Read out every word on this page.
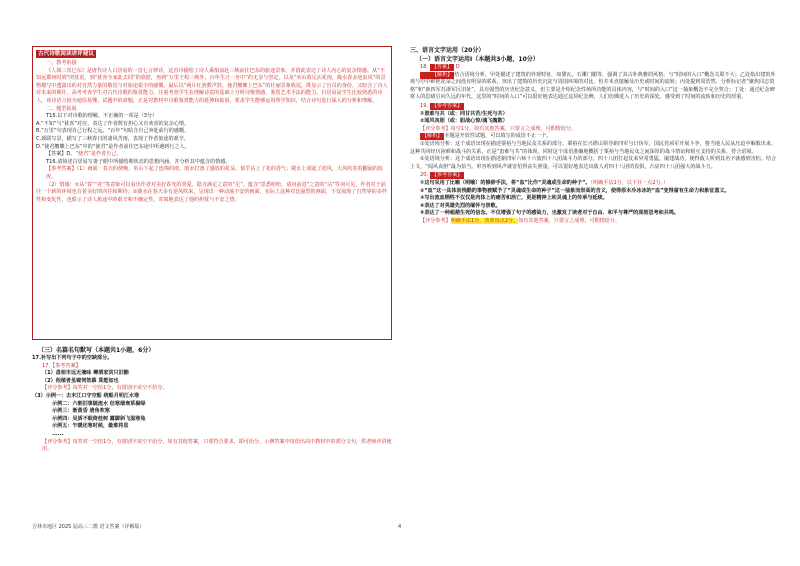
古代诗歌阅读讲评建议

一、教考衔接

《人域三次巳东》是唐代诗人白居易的一首七言律诗，这首诗描绘了诗人乘船前赴三峡前往巴东的旅途景象，并借此表达了诗人内心的复杂情感。从“不知远郡何时到”的忧虑，到“犹喜全家此去同”的欣慰，再到“万里王程三峡外，百年生计一舟中”的无奈与坚定，以及“巫山暮足沾花雨，陇水春多逆浪风”的景物描写中透露出的对自然力量的敬畏与对旅途艰辛的感慨。最后以“两片红旌数声鼓，使君艛艓上巴东”的壮丽景象收尾，既显示了官员的身份，又暗含了诗人对未来的期许。高考考查学生对古代诗歌的鉴赏能力，注重考查学生在理解诗意的基础上分析诗歌情感、鉴赏艺术手法的能力。白居易是学生比较熟悉的诗人，该诗语言较为通俗易懂，试题中的命题，正是对教材中诗歌鉴赏能力的延伸和拓展，要求学生能够运用所学知识，结合诗句进行深入的分析和理解。

二、题型拓展

T15.以下对诗歌的理解，不正确的一项是（3分）

A.“不知”与“犹喜”对应，表达了作者既有担心又有欢喜的复杂心情。

B.“万里”句表现自己行程之远，“百年”句暗含自己奔赴前行的感慨。

C.颈联写景，描写了三峡春日的凄风苦雨，表现了作者旅途的艰辛。

D.“使君艛艓上巴东”中的“使君”是作者前往巴东途中所遇到行之人。

【答案】D。“使君”是作者自己。

T16.请简述白居易写妻子眼中所描绘期状态的思想内涵，并分析其中蕴含的情感。

【参考答案】（1）画面：春天的傍晚，巫山下起了连绵的雨，雨水打落了盛放的花朵，似乎沾上了花的香气；陇水上刮起了逆风，大风吹卷着翻涌的浪涛。

（2）情感：①从“春”“花”等意象可以看出作者对美好春光的喜爱，隐含满足之意的“足”，蕴含“思悉哈哈，请问前进”之意的“沾”等词可见，作者对于前往一个新的环境也有着美好的向往和期待；②陇水在春天多有逆风吹来，呈现出一种动荡不安的画面，实际上这种对比强烈的画面，不仅展现了自然界的多样性和变化性，也暗示了诗人旅途中的艰辛和不确定性，寄寓地表达了他的担忧与不安之情。

（三）名篇名句默写（本题共1小题，6分）

17.补写出下列句子中的空缺部分。

17.【参考答案】

（1）盘桓市远无兼味 樽酒家贫只旧醅

（2）他植者虽窥伺效慕 莫能如也

【评分参考】每答对一空给1分，有错别字该空不给分。

（3）示例一：去未江口守空船 绕船月明江水寒

示例二：六朝旧事随流水 但寒烟衰草凝绿

示例三：渐黄昏 清角吹寒

示例四：吴质不眠倚桂树 露脚斜飞湿寒兔

示例五：乍暖还寒时候，最难将息

......

【评分参考】每答对一空给1分，有错别字该空不给分。如有其他答案，只要符合要求，即可给分，示例答案中仅给出高中教材中的部分文句，供老师评讲使用。

三、语言文字运用（20分）

（一）语言文字运用Ⅰ（本题共3小题，10分）

18. 【答案】 D

【解析】 结合语境分析，甲处描述了建筑的外观特征，如黛瓦、石雕门楣等，强调了其古朴典雅的风格，与“时间的入口”概念关联不大；乙处指出建筑外观与空中鲜艳花朵之间没有明显的联系，突出了建筑的历史沉淀与周围环境的对比，但并未直接触及历史或时间的流转；丙处提到周浩然，分析标记者“聚焦同志资格”和“新四军苏浙军区旧址”，具有强烈的历史纪念意义，但主要是介绍纪念性场所功能的具体内容，与“时间的入口”这一抽象概念不完全契合；丁处：通过纪念碑将人的思绪引向久远的年代，这里的“时间的入口”可以很好地表达通过这块纪念碑，人们仿佛进入了历史的深处，感受到了时间的流转和历史的厚重。

19. 【参考答案】

①患难与共（或：同甘共苦/生死与共）

②闻风丧胆（或：胆战心惊/魂飞魄散）

【评分参考】每空1分。如有其他答案，只要言之成理，可酌情给分。

【解析】 本题是开放性试题，可以填写的成语不止一个。

①处语境分析：这个成语出现在描述粟裕与当地民众关系的部分。粟裕在长兴堪山领导新四军与日伪军，国民党顽军开展斗争，将当地人民从压迫中解救出来，这种共同经历困难和战斗的关系，正是“患难与共”的体现。同时这个成语准确地概括了粟裕与当地民众之间深厚的战斗情谊和相互支持的关系，符合语境。

②处语境分析：这个成语出现在描述新四军六师十六旅四十八团战斗力的部分。四十八团打起仗来异常勇猛，屡建战功，使得敌人听到其名字就感到害怕。结合上文，“闻风丧胆”最为恰当。形容听到风声就害怕得丧失胆量，可以很好地表达出敌人对四十八团的畏惧，凸显四十八团强大的战斗力。

20. 【参考答案】

①这句采用了比喻（明喻）的修辞手法，将“血”比作“灵魂或生命的种子”。（明确手法1分，以下任一点2分。）

②“血”这一具体而残酷的事物被赋予了“灵魂或生命的种子”这一抽象而崇高的含义，使得原本冷冰冰的“血”变得富有生命力和象征意义。

③写出流血牺牲不仅仅是肉体上的痛苦和消亡，更是精神上和灵魂上的传承与延续。

④表达了对英雄先烈的缅怀与崇敬。

⑤表达了一种超越生死的信念。不仅增强了句子的感染力，也激发了读者对于自由、和平与尊严的深刻思考和共鸣。

【评分参考】明确手法1分，效果每点2分。如有其他答案，只要言之成理，可酌情给分。

吉林市地区 2025 届高三二模 语文答案（详解版）	4
